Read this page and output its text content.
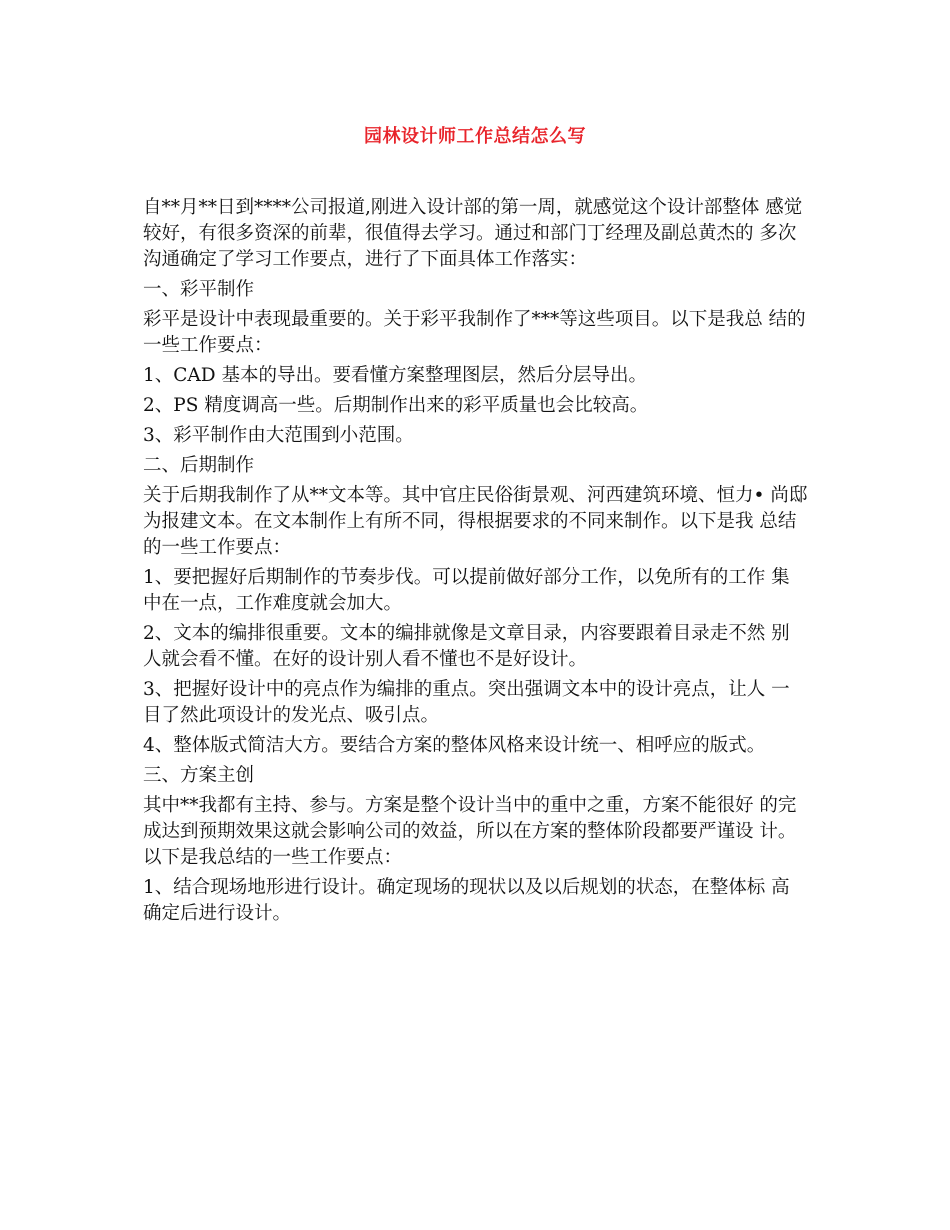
园林设计师工作总结怎么写
自**月**日到****公司报道,刚进入设计部的第一周，就感觉这个设计部整体 感觉较好，有很多资深的前辈，很值得去学习。通过和部门丁经理及副总黄杰的 多次沟通确定了学习工作要点，进行了下面具体工作落实：
一、彩平制作
彩平是设计中表现最重要的。关于彩平我制作了***等这些项目。以下是我总 结的一些工作要点：
1、CAD 基本的导出。要看懂方案整理图层，然后分层导出。
2、PS 精度调高一些。后期制作出来的彩平质量也会比较高。
3、彩平制作由大范围到小范围。
二、后期制作
关于后期我制作了从**文本等。其中官庄民俗街景观、河西建筑环境、恒力• 尚邸为报建文本。在文本制作上有所不同，得根据要求的不同来制作。以下是我 总结的一些工作要点：
1、要把握好后期制作的节奏步伐。可以提前做好部分工作，以免所有的工作 集中在一点，工作难度就会加大。
2、文本的编排很重要。文本的编排就像是文章目录，内容要跟着目录走不然 别人就会看不懂。在好的设计别人看不懂也不是好设计。
3、把握好设计中的亮点作为编排的重点。突出强调文本中的设计亮点，让人 一目了然此项设计的发光点、吸引点。
4、整体版式简洁大方。要结合方案的整体风格来设计统一、相呼应的版式。
三、方案主创
其中**我都有主持、参与。方案是整个设计当中的重中之重，方案不能很好 的完成达到预期效果这就会影响公司的效益，所以在方案的整体阶段都要严谨设 计。以下是我总结的一些工作要点：
1、结合现场地形进行设计。确定现场的现状以及以后规划的状态，在整体标 高确定后进行设计。
